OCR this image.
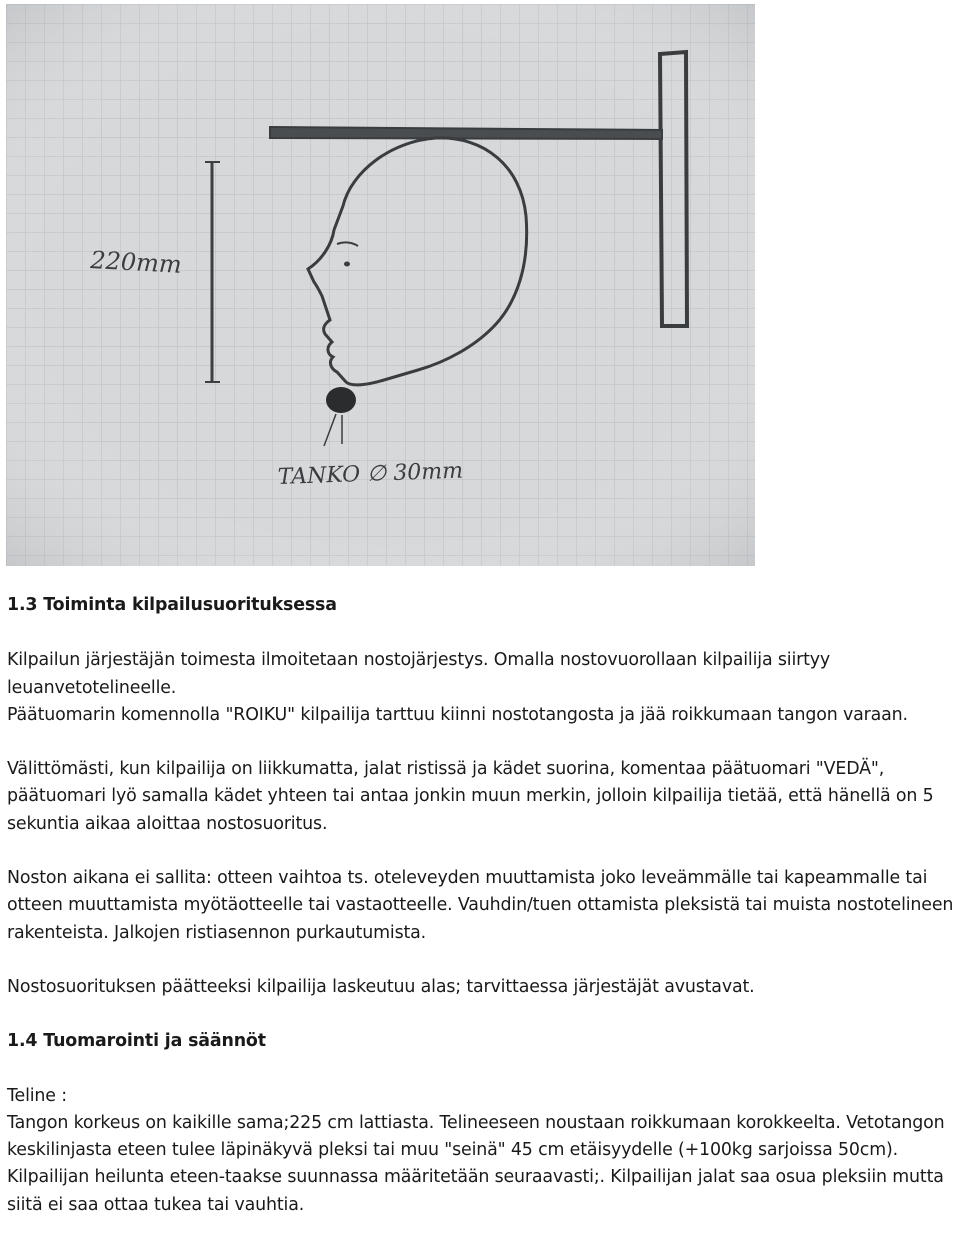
220mm
TANKO ∅ 30mm
1.3 Toiminta kilpailusuorituksessa

Kilpailun järjestäjän toimesta ilmoitetaan nostojärjestys. Omalla nostovuorollaan kilpailija siirtyy leuanvetotelineelle.

Päätuomarin komennolla "ROIKU" kilpailija tarttuu kiinni nostotangosta ja jää roikkumaan tangon varaan.

Välittömästi, kun kilpailija on liikkumatta, jalat ristissä ja kädet suorina, komentaa päätuomari "VEDÄ", päätuomari lyö samalla kädet yhteen tai antaa jonkin muun merkin, jolloin kilpailija tietää, että hänellä on 5 sekuntia aikaa aloittaa nostosuoritus.

Noston aikana ei sallita: otteen vaihtoa ts. oteleveyden muuttamista joko leveämmälle tai kapeammalle tai otteen muuttamista myötäotteelle tai vastaotteelle. Vauhdin/tuen ottamista pleksistä tai muista nostotelineen rakenteista. Jalkojen ristiasennon purkautumista.

Nostosuorituksen päätteeksi kilpailija laskeutuu alas; tarvittaessa järjestäjät avustavat.

1.4 Tuomarointi ja säännöt

Teline :

Tangon korkeus on kaikille sama;225 cm lattiasta. Telineeseen noustaan roikkumaan korokkeelta. Vetotangon keskilinjasta eteen tulee läpinäkyvä pleksi tai muu "seinä" 45 cm etäisyydelle (+100kg sarjoissa 50cm). Kilpailijan heilunta eteen-taakse suunnassa määritetään seuraavasti;. Kilpailijan jalat saa osua pleksiin mutta siitä ei saa ottaa tukea tai vauhtia.
